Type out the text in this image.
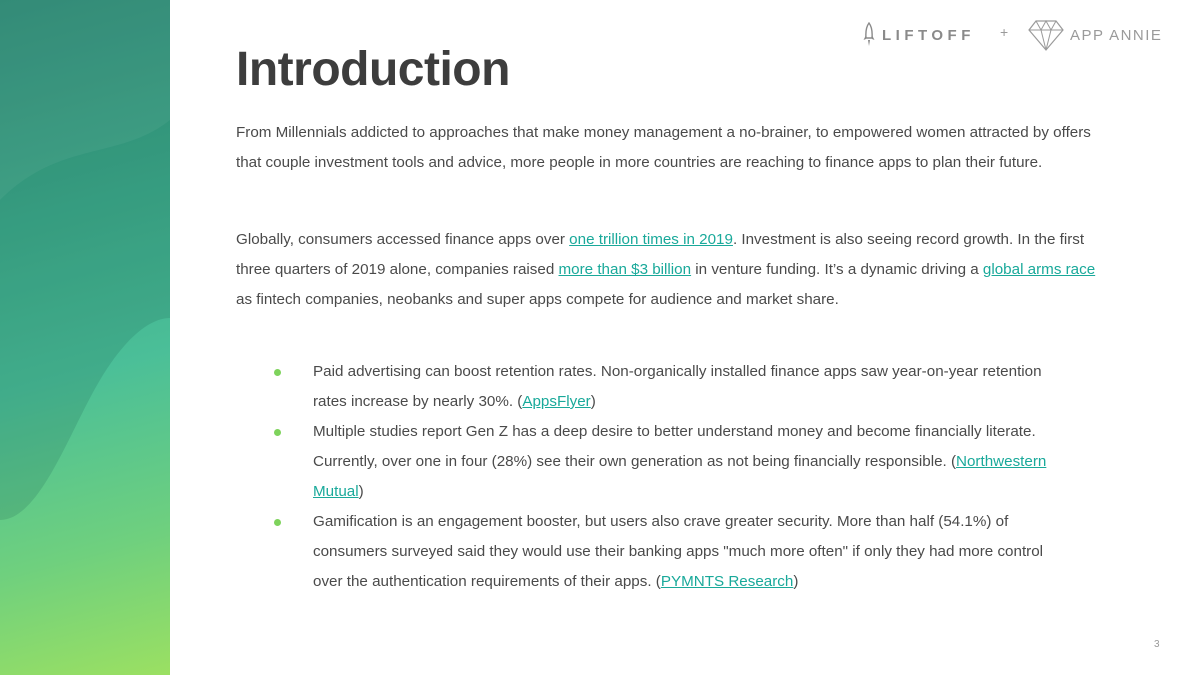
LIFTOFF +	APP ANNIE
Introduction

From Millennials addicted to approaches that make money management a no-brainer, to empowered women attracted by offers that couple investment tools and advice, more people in more countries are reaching to finance apps to plan their future.

Globally, consumers accessed finance apps over one trillion times in 2019. Investment is also seeing record growth. In the first three quarters of 2019 alone, companies raised more than $3 billion in venture funding. It’s a dynamic driving a global arms race as fintech companies, neobanks and super apps compete for audience and market share.

Paid advertising can boost retention rates. Non-organically installed finance apps saw year-on-year retention rates increase by nearly 30%. (AppsFlyer)
Multiple studies report Gen Z has a deep desire to better understand money and become financially literate. Currently, over one in four (28%) see their own generation as not being financially responsible. (Northwestern Mutual)
Gamification is an engagement booster, but users also crave greater security. More than half (54.1%) of consumers surveyed said they would use their banking apps "much more often" if only they had more control over the authentication requirements of their apps. (PYMNTS Research)
3
